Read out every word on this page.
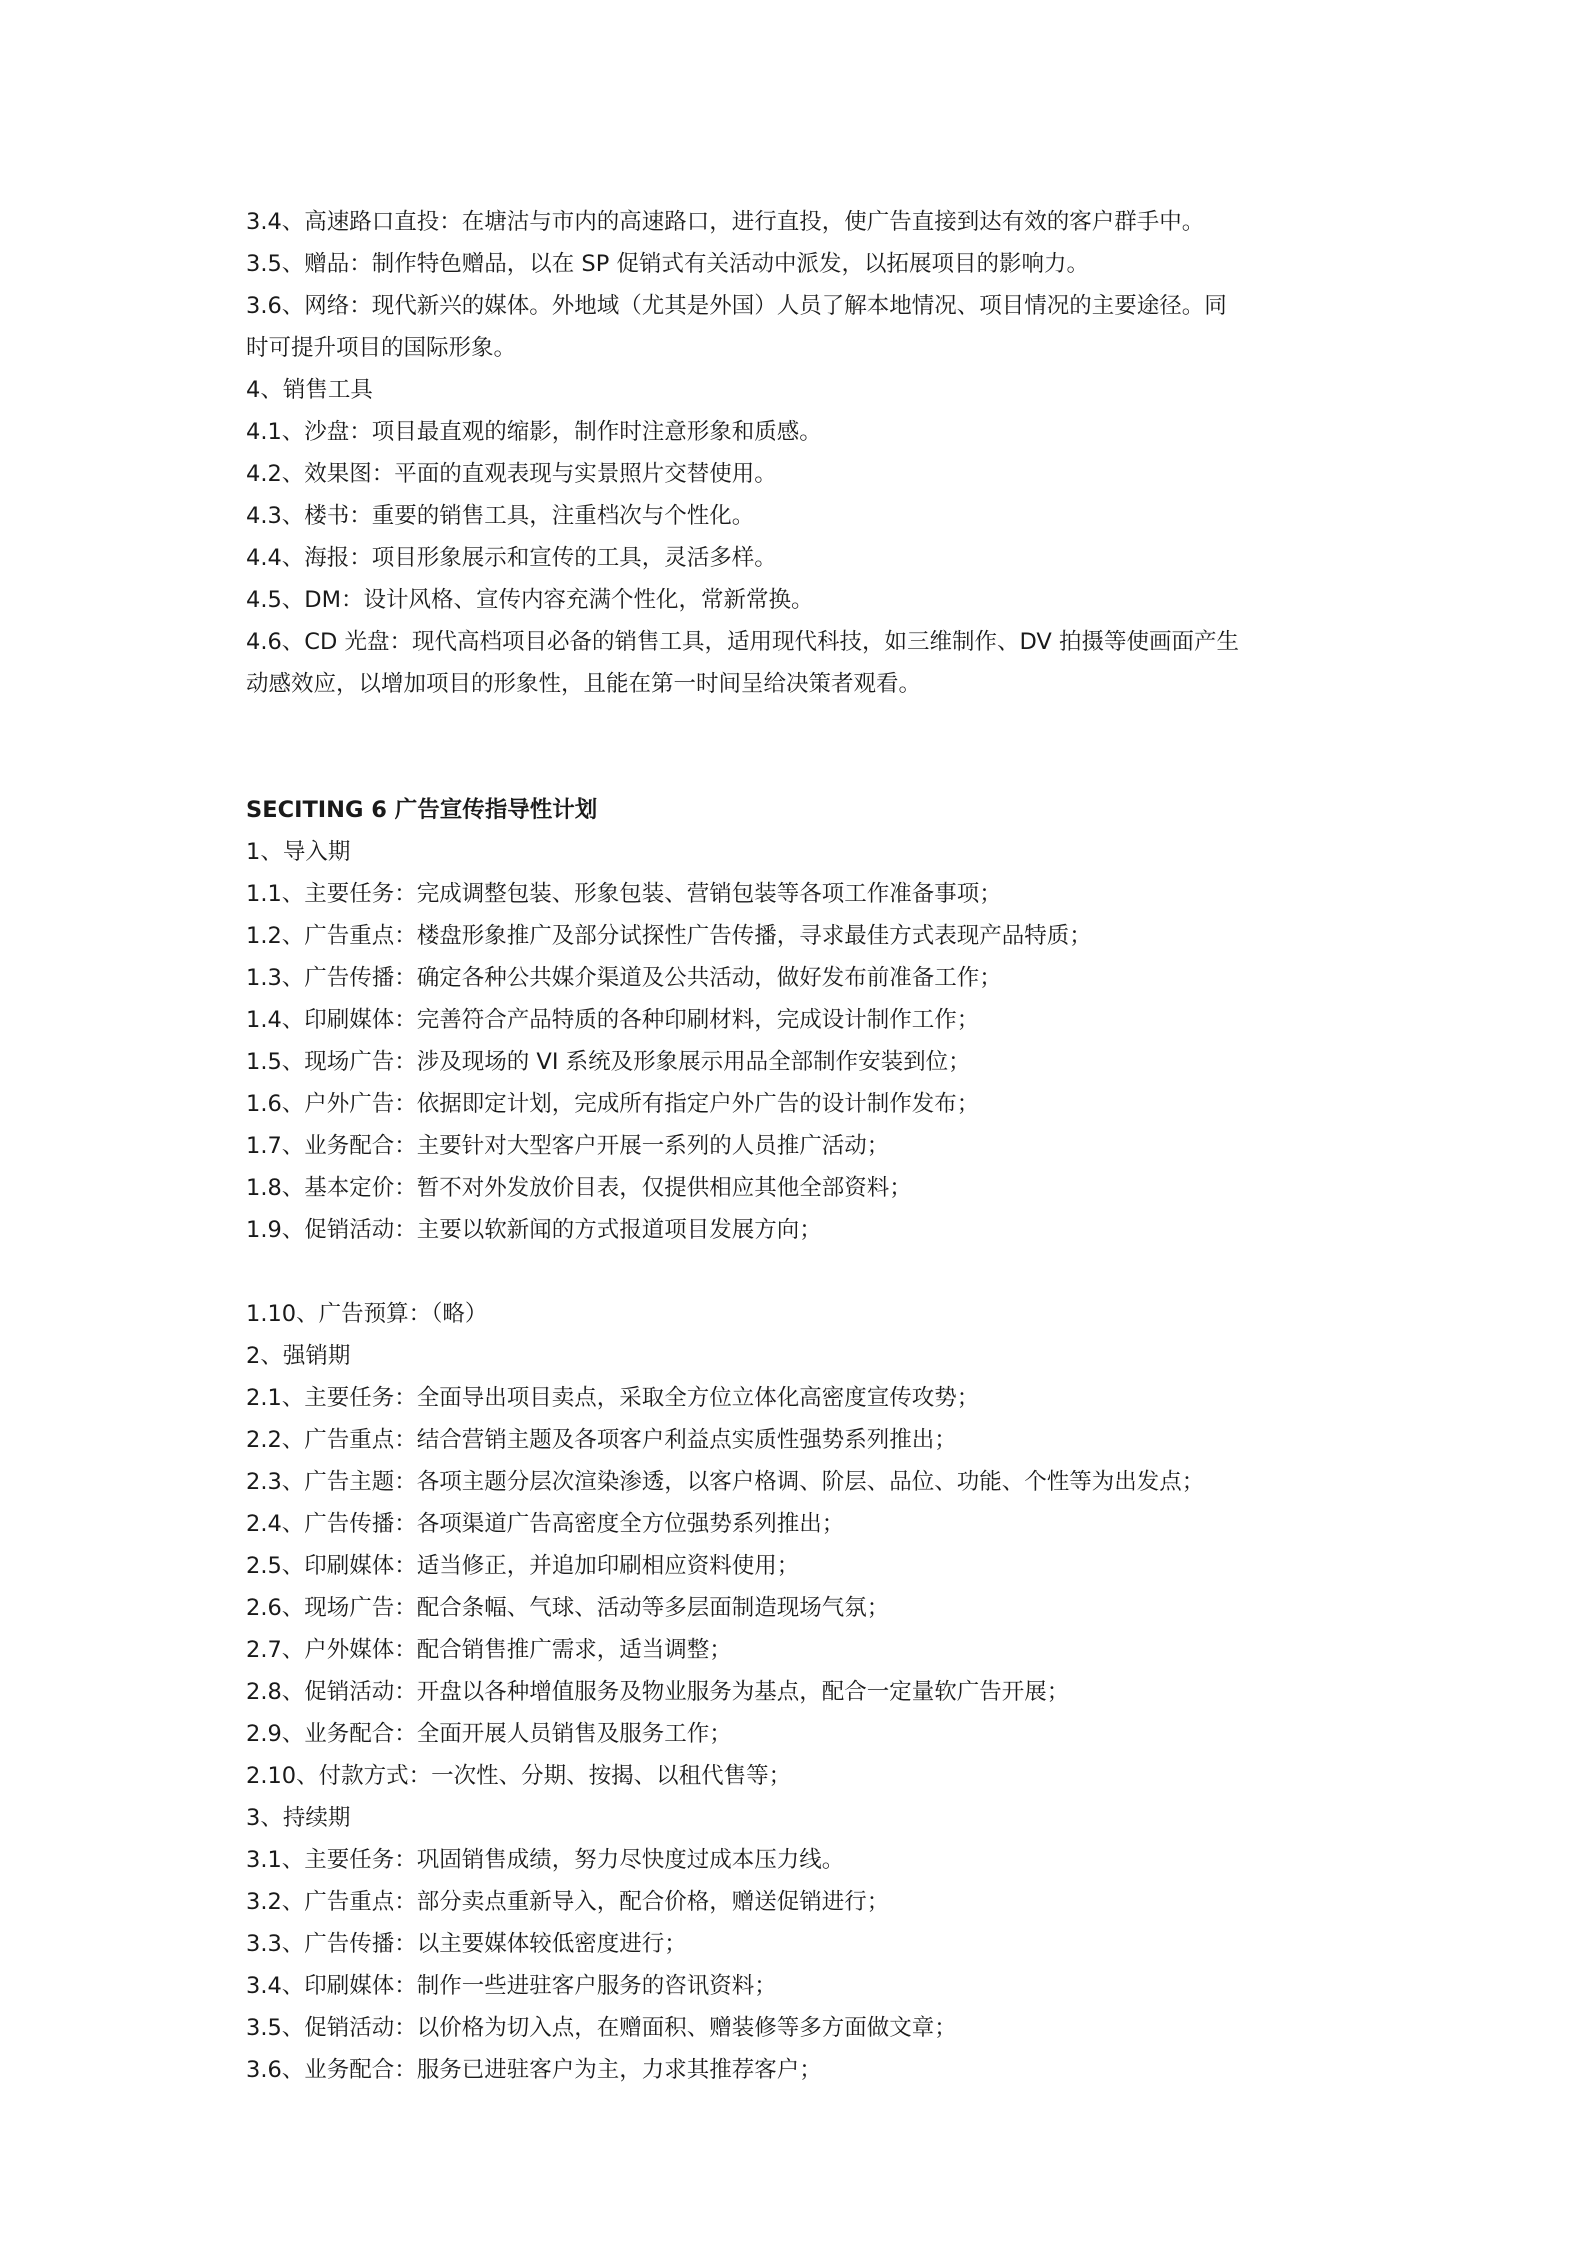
3.4、高速路口直投：在塘沽与市内的高速路口，进行直投，使广告直接到达有效的客户群手中。

3.5、赠品：制作特色赠品，以在 SP 促销式有关活动中派发，以拓展项目的影响力。

3.6、网络：现代新兴的媒体。外地域（尤其是外国）人员了解本地情况、项目情况的主要途径。同

时可提升项目的国际形象。

4、销售工具

4.1、沙盘：项目最直观的缩影，制作时注意形象和质感。

4.2、效果图：平面的直观表现与实景照片交替使用。

4.3、楼书：重要的销售工具，注重档次与个性化。

4.4、海报：项目形象展示和宣传的工具，灵活多样。

4.5、DM：设计风格、宣传内容充满个性化，常新常换。

4.6、CD 光盘：现代高档项目必备的销售工具，适用现代科技，如三维制作、DV 拍摄等使画面产生

动感效应，以增加项目的形象性，且能在第一时间呈给决策者观看。

SECITING 6 广告宣传指导性计划

1、导入期

1.1、主要任务：完成调整包装、形象包装、营销包装等各项工作准备事项；

1.2、广告重点：楼盘形象推广及部分试探性广告传播，寻求最佳方式表现产品特质；

1.3、广告传播：确定各种公共媒介渠道及公共活动，做好发布前准备工作；

1.4、印刷媒体：完善符合产品特质的各种印刷材料，完成设计制作工作；

1.5、现场广告：涉及现场的 VI 系统及形象展示用品全部制作安装到位；

1.6、户外广告：依据即定计划，完成所有指定户外广告的设计制作发布；

1.7、业务配合：主要针对大型客户开展一系列的人员推广活动；

1.8、基本定价：暂不对外发放价目表，仅提供相应其他全部资料；

1.9、促销活动：主要以软新闻的方式报道项目发展方向；

1.10、广告预算：（略）

2、强销期

2.1、主要任务：全面导出项目卖点，采取全方位立体化高密度宣传攻势；

2.2、广告重点：结合营销主题及各项客户利益点实质性强势系列推出；

2.3、广告主题：各项主题分层次渲染渗透，以客户格调、阶层、品位、功能、个性等为出发点；

2.4、广告传播：各项渠道广告高密度全方位强势系列推出；

2.5、印刷媒体：适当修正，并追加印刷相应资料使用；

2.6、现场广告：配合条幅、气球、活动等多层面制造现场气氛；

2.7、户外媒体：配合销售推广需求，适当调整；

2.8、促销活动：开盘以各种增值服务及物业服务为基点，配合一定量软广告开展；

2.9、业务配合：全面开展人员销售及服务工作；

2.10、付款方式：一次性、分期、按揭、以租代售等；

3、持续期

3.1、主要任务：巩固销售成绩，努力尽快度过成本压力线。

3.2、广告重点：部分卖点重新导入，配合价格，赠送促销进行；

3.3、广告传播：以主要媒体较低密度进行；

3.4、印刷媒体：制作一些进驻客户服务的咨讯资料；

3.5、促销活动：以价格为切入点，在赠面积、赠装修等多方面做文章；

3.6、业务配合：服务已进驻客户为主，力求其推荐客户；
